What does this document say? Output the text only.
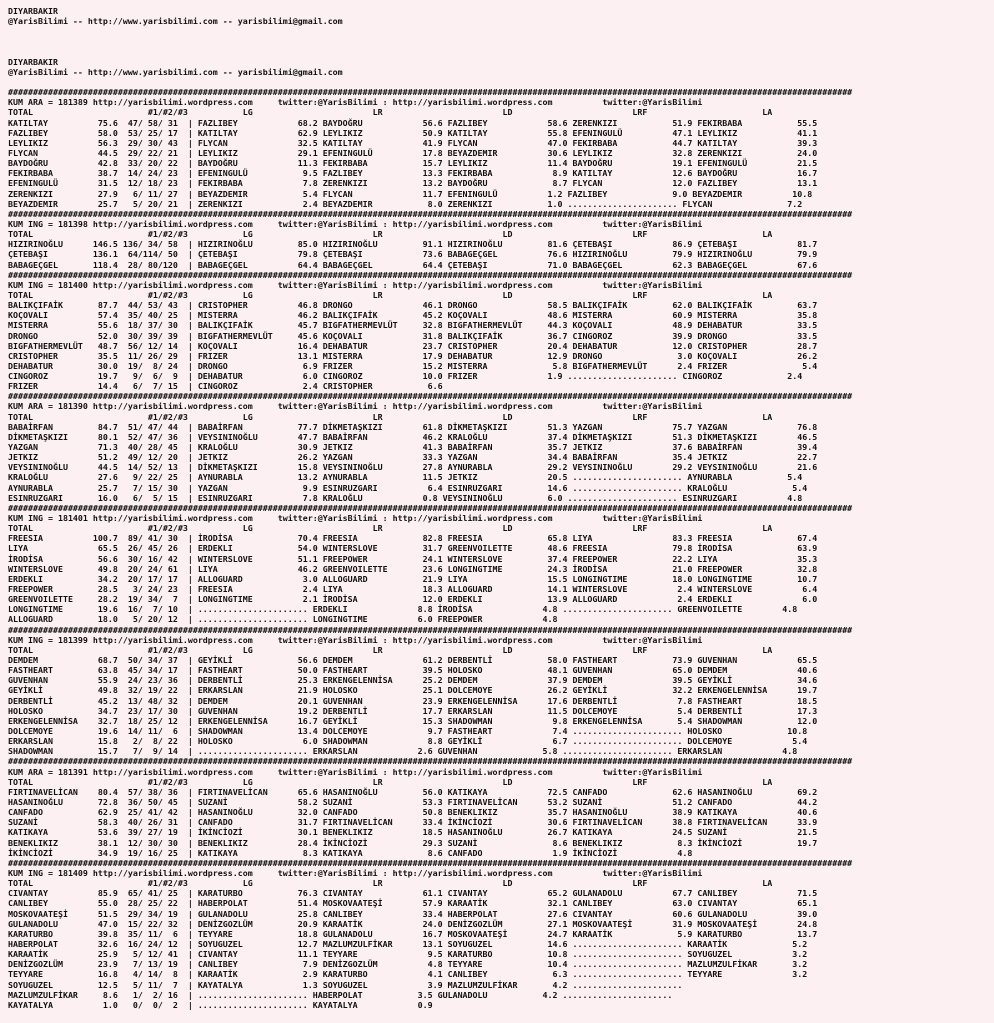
DIYARBAKIR
@YarisBilimi -- http://www.yarisbilimi.com -- yarisbilimi@gmail.com
DIYARBAKIR
@YarisBilimi -- http://www.yarisbilimi.com -- yarisbilimi@gmail.com
#########################################################################################################################################################################
KUM ARA = 181389 http://yarisbilimi.wordpress.com     twitter:@YarisBilimi : http://yarisbilimi.wordpress.com          twitter:@YarisBilimi
TOTAL                       #1/#2/#3           LG                        LR                        LD                        LRF                       LA
KATILTAY          75.6  47/ 58/ 31  | FAZLIBEY            68.2 BAYDOĞRU            56.6 FAZLIBEY            58.6 ZERENKIZI           51.9 FEKIRBABA           55.5
FAZLIBEY          58.0  53/ 25/ 17  | KATILTAY            62.9 LEYLIKIZ            50.9 KATILTAY            55.8 EFENINGULÜ          47.1 LEYLIKIZ            41.1
LEYLIKIZ          56.3  29/ 30/ 43  | FLYCAN              32.5 KATILTAY            41.9 FLYCAN              47.0 FEKIRBABA           44.7 KATILTAY            39.3
FLYCAN            44.5  29/ 22/ 21  | LEYLIKIZ            29.1 EFENINGULÜ          17.8 BEYAZDEMIR          30.6 LEYLIKIZ            32.8 ZERENKIZI           24.0
BAYDOĞRU          42.8  33/ 20/ 22  | BAYDOĞRU            11.3 FEKIRBABA           15.7 LEYLIKIZ            11.4 BAYDOĞRU            19.1 EFENINGULÜ          21.5
FEKIRBABA         38.7  14/ 24/ 23  | EFENINGULÜ           9.5 FAZLIBEY            13.3 FEKIRBABA            8.9 KATILTAY            12.6 BAYDOĞRU            16.7
EFENINGULÜ        31.5  12/ 18/ 23  | FEKIRBABA            7.8 ZERENKIZI           13.2 BAYDOĞRU             8.7 FLYCAN              12.0 FAZLIBEY            13.1
ZERENKIZI         27.9   6/ 11/ 27  | BEYAZDEMIR           5.4 FLYCAN              11.7 EFENINGULÜ          1.2 FAZLIBEY             9.0 BEYAZDEMIR          10.8
BEYAZDEMIR        25.7   5/ 20/ 21  | ZERENKIZI            2.4 BEYAZDEMIR           8.0 ZERENKIZI           1.0 ...................... FLYCAN               7.2
#########################################################################################################################################################################
KUM ING = 181398 http://yarisbilimi.wordpress.com     twitter:@YarisBilimi : http://yarisbilimi.wordpress.com          twitter:@YarisBilimi
TOTAL                       #1/#2/#3           LG                        LR                        LD                        LRF                       LA
HIZIRINOĞLU      146.5 136/ 34/ 58  | HIZIRINOĞLU         85.0 HIZIRINOĞLU         91.1 HIZIRINOĞLU         81.6 ÇETEBAŞI            86.9 ÇETEBAŞI            81.7
ÇETEBAŞI         136.1  64/114/ 50  | ÇETEBAŞI            79.8 ÇETEBAŞI            73.6 BABAGEÇGEL          76.6 HIZIRINOĞLU         79.9 HIZIRINOĞLU         79.9
BABAGEÇGEL       118.4  28/ 80/120  | BABAGEÇGEL          64.4 BABAGEÇGEL          64.4 ÇETEBAŞI            71.0 BABAGEÇGEL          62.3 BABAGEÇGEL          67.6
#########################################################################################################################################################################
KUM ING = 181400 http://yarisbilimi.wordpress.com     twitter:@YarisBilimi : http://yarisbilimi.wordpress.com          twitter:@YarisBilimi
TOTAL                       #1/#2/#3           LG                        LR                        LD                        LRF                       LA
BALIKÇIFAİK       87.7  44/ 53/ 43  | CRISTOPHER          46.8 DRONGO              46.1 DRONGO              58.5 BALIKÇIFAİK         62.0 BALIKÇIFAİK         63.7
KOÇOVALI          57.4  35/ 40/ 25  | MISTERRA            46.2 BALIKÇIFAİK         45.2 KOÇOVALI            48.6 MISTERRA            60.9 MISTERRA            35.8
MISTERRA          55.6  18/ 37/ 30  | BALIKÇIFAİK         45.7 BIGFATHERMEVLÜT     32.8 BIGFATHERMEVLÜT     44.3 KOÇOVALI            48.9 DEHABATUR           33.5
DRONGO            52.0  30/ 39/ 39  | BIGFATHERMEVLÜT     45.6 KOÇOVALI            31.8 BALIKÇIFAİK         36.7 CINGOROZ            39.9 DRONGO              33.5
BIGFATHERMEVLÜT   48.7  56/ 12/ 14  | KOÇOVALI            16.4 DEHABATUR           23.7 CRISTOPHER          20.4 DEHABATUR           12.0 CRISTOPHER          28.7
CRISTOPHER        35.5  11/ 26/ 29  | FRIZER              13.1 MISTERRA            17.9 DEHABATUR           12.9 DRONGO               3.0 KOÇOVALI            26.2
DEHABATUR         30.0  19/  8/ 24  | DRONGO               6.9 FRIZER              15.2 MISTERRA             5.8 BIGFATHERMEVLÜT      2.4 FRIZER               5.4
CINGOROZ          19.7   9/  6/  9  | DEHABATUR            6.0 CINGOROZ            10.0 FRIZER              1.9 ...................... CINGOROZ             2.4
FRIZER            14.4   6/  7/ 15  | CINGOROZ             2.4 CRISTOPHER           6.6
#########################################################################################################################################################################
KUM ARA = 181390 http://yarisbilimi.wordpress.com     twitter:@YarisBilimi : http://yarisbilimi.wordpress.com          twitter:@YarisBilimi
TOTAL                       #1/#2/#3           LG                        LR                        LD                        LRF                       LA
BABAİRFAN         84.7  51/ 47/ 44  | BABAİRFAN           77.7 DİKMETAŞKIZI        61.8 DİKMETAŞKIZI        51.3 YAZGAN              75.7 YAZGAN              76.8
DİKMETAŞKIZI      80.1  52/ 47/ 36  | VEYSININOĞLU        47.7 BABAİRFAN           46.2 KRALOĞLU            37.4 DİKMETAŞKIZI        51.3 DİKMETAŞKIZI        46.5
YAZGAN            71.3  40/ 28/ 45  | KRALOĞLU            30.9 JETKIZ              41.3 BABAİRFAN           35.7 JETKIZ              37.6 BABAİRFAN           39.4
JETKIZ            51.2  49/ 12/ 20  | JETKIZ              26.2 YAZGAN              33.3 YAZGAN              34.4 BABAİRFAN           35.4 JETKIZ              22.7
VEYSININOĞLU      44.5  14/ 52/ 13  | DİKMETAŞKIZI        15.8 VEYSININOĞLU        27.8 AYNURABLA           29.2 VEYSININOĞLU        29.2 VEYSININOĞLU        21.6
KRALOĞLU          27.6   9/ 22/ 25  | AYNURABLA           13.2 AYNURABLA           11.5 JETKIZ              20.5 ...................... AYNURABLA           5.4
AYNURABLA         25.7   7/ 15/ 30  | YAZGAN               9.9 ESINRUZGARI          6.4 ESINRUZGARI         14.6 ...................... KRALOĞLU             5.4
ESINRUZGARI       16.0   6/  5/ 15  | ESINRUZGARI          7.8 KRALOĞLU            0.8 VEYSININOĞLU         6.0 ...................... ESINRUZGARI          4.8
#########################################################################################################################################################################
KUM ING = 181401 http://yarisbilimi.wordpress.com     twitter:@YarisBilimi : http://yarisbilimi.wordpress.com          twitter:@YarisBilimi
TOTAL                       #1/#2/#3           LG                        LR                        LD                        LRF                       LA
FREESIA          100.7  89/ 41/ 30  | İRODİSA             70.4 FREESIA             82.8 FREESIA             65.8 LIYA                83.3 FREESIA             67.4
LIYA              65.5  26/ 45/ 26  | ERDEKLI             54.0 WINTERSLOVE         31.7 GREENVOILETTE       48.6 FREESIA             79.8 İRODİSA             63.9
İRODİSA           56.6  30/ 16/ 42  | WINTERSLOVE         51.1 FREEPOWER           24.1 WINTERSLOVE         37.4 FREEPOWER           22.2 LIYA                35.3
WINTERSLOVE       49.8  20/ 24/ 61  | LIYA                46.2 GREENVOILETTE       23.6 LONGINGTIME         24.3 İRODİSA             21.0 FREEPOWER           32.8
ERDEKLI           34.2  20/ 17/ 17  | ALLOGUARD            3.0 ALLOGUARD           21.9 LIYA                15.5 LONGINGTIME         18.0 LONGINGTIME         10.7
FREEPOWER         28.5   3/ 24/ 23  | FREESIA              2.4 LIYA                18.3 ALLOGUARD           14.1 WINTERSLOVE          2.4 WINTERSLOVE          6.4
GREENVOILETTE     28.2  19/ 34/  7  | LONGINGTIME          2.1 İRODİSA             12.0 ERDEKLI             13.9 ALLOGUARD            2.4 ERDEKLI              6.0
LONGINGTIME       19.6  16/  7/ 10  | ...................... ERDEKLI              8.8 İRODİSA              4.8 ...................... GREENVOILETTE        4.8
ALLOGUARD         18.0   5/ 20/ 12  | ...................... LONGINGTIME          6.0 FREEPOWER            4.8
#########################################################################################################################################################################
KUM ING = 181399 http://yarisbilimi.wordpress.com     twitter:@YarisBilimi : http://yarisbilimi.wordpress.com          twitter:@YarisBilimi
TOTAL                       #1/#2/#3           LG                        LR                        LD                        LRF                       LA
DEMDEM            68.7  50/ 34/ 37  | GEYİKLİ             56.6 DEMDEM              61.2 DERBENTLİ           58.0 FASTHEART           73.9 GUVENHAN            65.5
FASTHEART         63.8  45/ 34/ 17  | FASTHEART           50.0 FASTHEART           39.5 HOLOSKO             48.1 GUVENHAN            65.0 DEMDEM              40.6
GUVENHAN          55.9  24/ 23/ 36  | DERBENTLİ           25.3 ERKENGELENNİSA      25.2 DEMDEM              37.9 DEMDEM              39.5 GEYİKLİ             34.6
GEYİKLİ           49.8  32/ 19/ 22  | ERKARSLAN           21.9 HOLOSKO             25.1 DOLCEMOYE           26.2 GEYİKLİ             32.2 ERKENGELENNİSA      19.7
DERBENTLİ         45.2  13/ 48/ 32  | DEMDEM              20.1 GUVENHAN            23.9 ERKENGELENNİSA      17.6 DERBENTLİ            7.8 FASTHEART           18.5
HOLOSKO           34.7  23/ 17/ 30  | GUVENHAN            19.2 DERBENTLİ           17.7 ERKARSLAN           11.5 DOLCEMOYE            5.4 DERBENTLİ           17.3
ERKENGELENNİSA    32.7  18/ 25/ 12  | ERKENGELENNİSA      16.7 GEYİKLİ             15.3 SHADOWMAN            9.8 ERKENGELENNİSA       5.4 SHADOWMAN           12.0
DOLCEMOYE         19.6  14/ 11/  6  | SHADOWMAN           13.4 DOLCEMOYE            9.7 FASTHEART            7.4 ...................... HOLOSKO             10.8
ERKARSLAN         15.8   2/  8/ 22  | HOLOSKO              6.0 SHADOWMAN            8.8 GEYİKLİ              6.7 ...................... DOLCEMOYE            5.4
SHADOWMAN         15.7   7/  9/ 14  | ...................... ERKARSLAN            2.6 GUVENHAN             5.8 ...................... ERKARSLAN            4.8
#########################################################################################################################################################################
KUM ARA = 181391 http://yarisbilimi.wordpress.com     twitter:@YarisBilimi : http://yarisbilimi.wordpress.com          twitter:@YarisBilimi
TOTAL                       #1/#2/#3           LG                        LR                        LD                        LRF                       LA
FIRTINAVELİCAN    80.4  57/ 38/ 36  | FIRTINAVELİCAN      65.6 HASANINOĞLU         56.0 KATIKAYA            72.5 CANFADO             62.6 HASANINOĞLU         69.2
HASANINOĞLU       72.8  36/ 50/ 45  | SUZANİ              58.2 SUZANİ              53.3 FIRTINAVELİCAN      53.2 SUZANİ              51.2 CANFADO             44.2
CANFADO           62.9  25/ 41/ 42  | HASANINOĞLU         32.0 CANFADO             50.8 BENEKLIKIZ          35.7 HASANINOĞLU         38.9 KATIKAYA            40.6
SUZANİ            58.3  40/ 26/ 31  | CANFADO             31.7 FIRTINAVELİCAN      33.4 İKİNCİOZİ           30.6 FIRTINAVELİCAN      38.8 FIRTINAVELİCAN      33.9
KATIKAYA          53.6  39/ 27/ 19  | İKİNCİOZİ           30.1 BENEKLIKIZ          18.5 HASANINOĞLU         26.7 KATIKAYA            24.5 SUZANİ              21.5
BENEKLIKIZ        38.1  12/ 30/ 30  | BENEKLIKIZ          28.4 İKİNCİOZİ           29.3 SUZANİ               8.6 BENEKLIKIZ           8.3 İKİNCİOZİ           19.7
İKİNCİOZİ         34.9  19/ 16/ 25  | KATIKAYA             8.3 KATIKAYA             8.6 CANFADO              1.9 İKİNCİOZİ            4.8
#########################################################################################################################################################################
KUM ING = 181409 http://yarisbilimi.wordpress.com     twitter:@YarisBilimi : http://yarisbilimi.wordpress.com          twitter:@YarisBilimi
TOTAL                       #1/#2/#3           LG                        LR                        LD                        LRF                       LA
CIVANTAY          85.9  65/ 41/ 25  | KARATURBO           76.3 CIVANTAY            61.1 CIVANTAY            65.2 GULANADOLU          67.7 CANLIBEY            71.5
CANLIBEY          55.0  28/ 25/ 22  | HABERPOLAT          51.4 MOSKOVAATEŞİ        57.9 KARAATİK            32.1 CANLIBEY            63.0 CIVANTAY            65.1
MOSKOVAATEŞİ      51.5  29/ 34/ 19  | GULANADOLU          25.8 CANLIBEY            33.4 HABERPOLAT          27.6 CIVANTAY            60.6 GULANADOLU          39.0
GULANADOLU        47.0  15/ 22/ 32  | DENİZGOZLÜM         20.9 KARAATİK            24.0 DENİZGOZLÜM         27.1 MOSKOVAATEŞİ        31.9 MOSKOVAATEŞİ        24.8
KARATURBO         39.8  35/ 11/  6  | TEYYARE             18.8 GULANADOLU          16.7 MOSKOVAATEŞİ        24.7 KARAATİK             5.9 KARATURBO           13.7
HABERPOLAT        32.6  16/ 24/ 12  | SOYUGUZEL           12.7 MAZLUMZULFİKAR      13.1 SOYUGUZEL           14.6 ...................... KARAATİK             5.2
KARAATİK          25.9   5/ 12/ 41  | CIVANTAY            11.1 TEYYARE              9.5 KARATURBO           10.8 ...................... SOYUGUZEL            3.2
DENİZGOZLÜM       23.9   7/ 13/ 19  | CANLIBEY             7.9 DENİZGOZLÜM          4.8 TEYYARE             10.4 ...................... MAZLUMZULFİKAR       3.2
TEYYARE           16.8   4/ 14/  8  | KARAATİK             2.9 KARATURBO            4.1 CANLIBEY             6.3 ...................... TEYYARE              3.2
SOYUGUZEL         12.5   5/ 11/  7  | KAYATALYA            1.3 SOYUGUZEL            3.9 MAZLUMZULFİKAR       4.2 ......................
MAZLUMZULFİKAR     8.6   1/  2/ 16  | ...................... HABERPOLAT           3.5 GULANADOLU           4.2 ......................
KAYATALYA          1.0   0/  0/  2  | ...................... KAYATALYA            0.9
